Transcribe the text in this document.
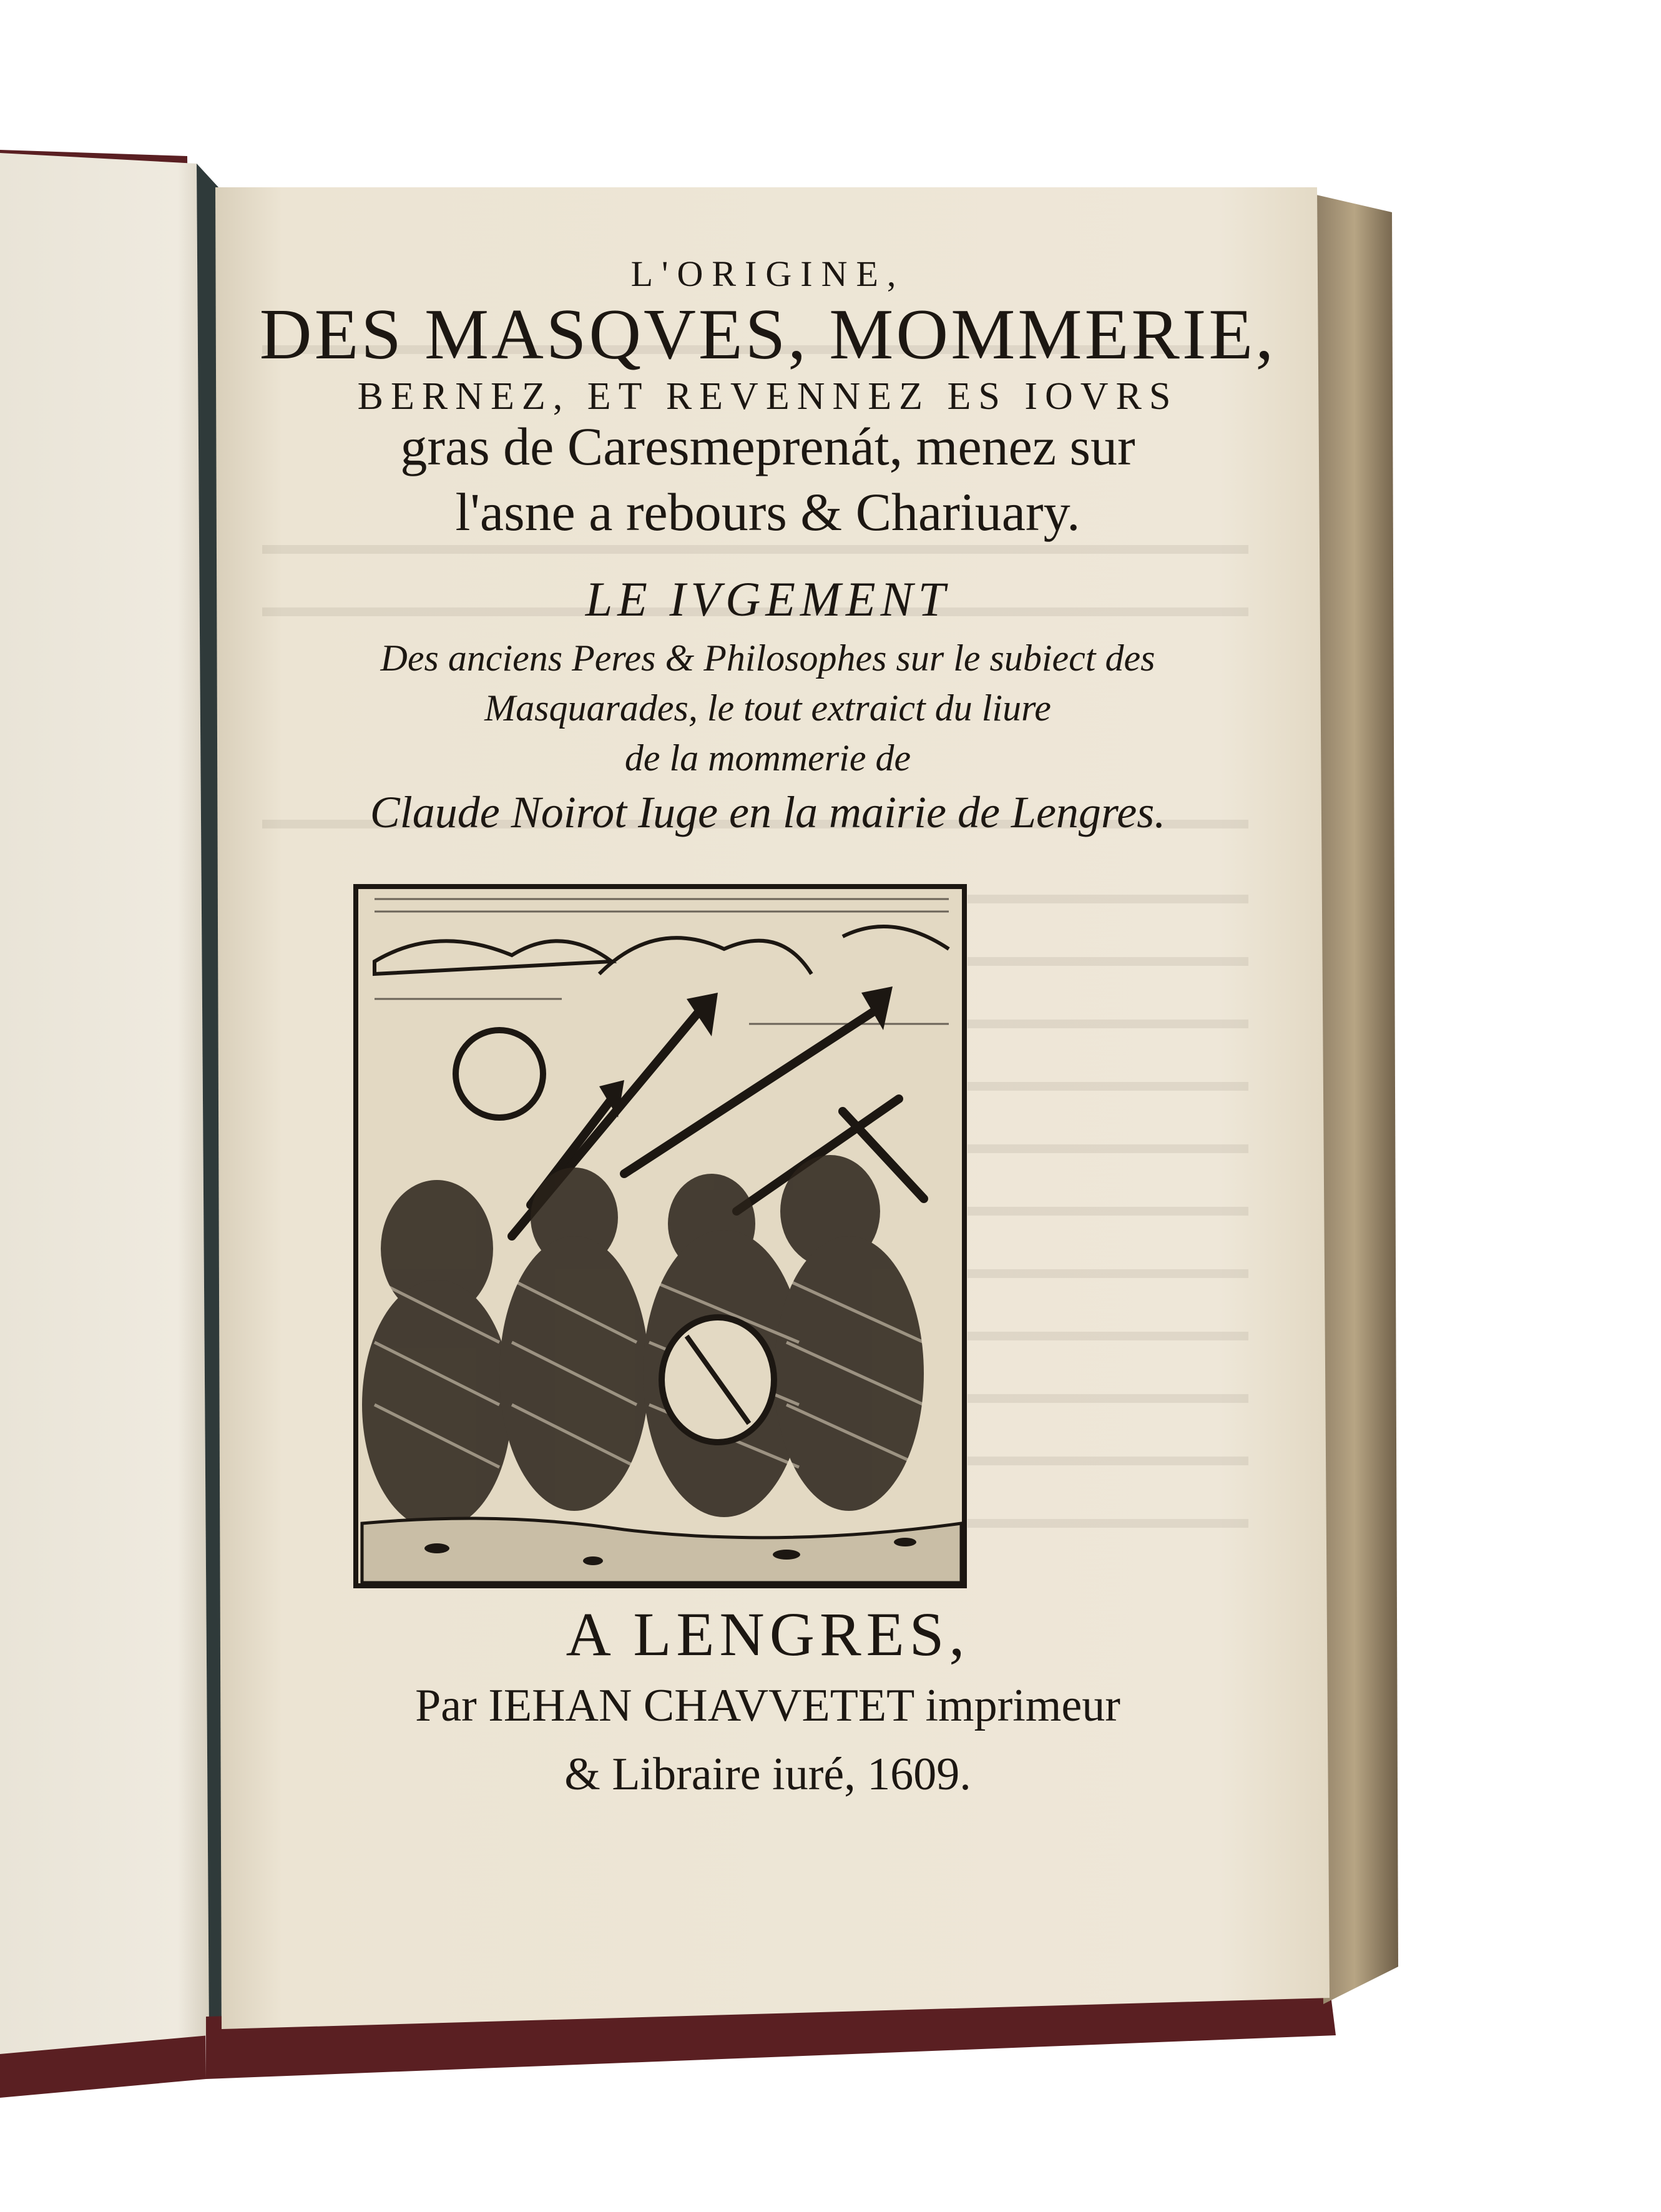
L'ORIGINE,
DES MASQVES, MOMMERIE,
BERNEZ, ET REVENNEZ ES IOVRS
gras de Caresmeprenát, menez sur
l'asne a rebours & Chariuary.
LE IVGEMENT
Des anciens Peres & Philosophes sur le subiect des
Masquarades, le tout extraict du liure
de la mommerie de
Claude Noirot Iuge en la mairie de Lengres.
A LENGRES,
Par IEHAN CHAVVETET imprimeur
& Libraire iuré, 1609.
